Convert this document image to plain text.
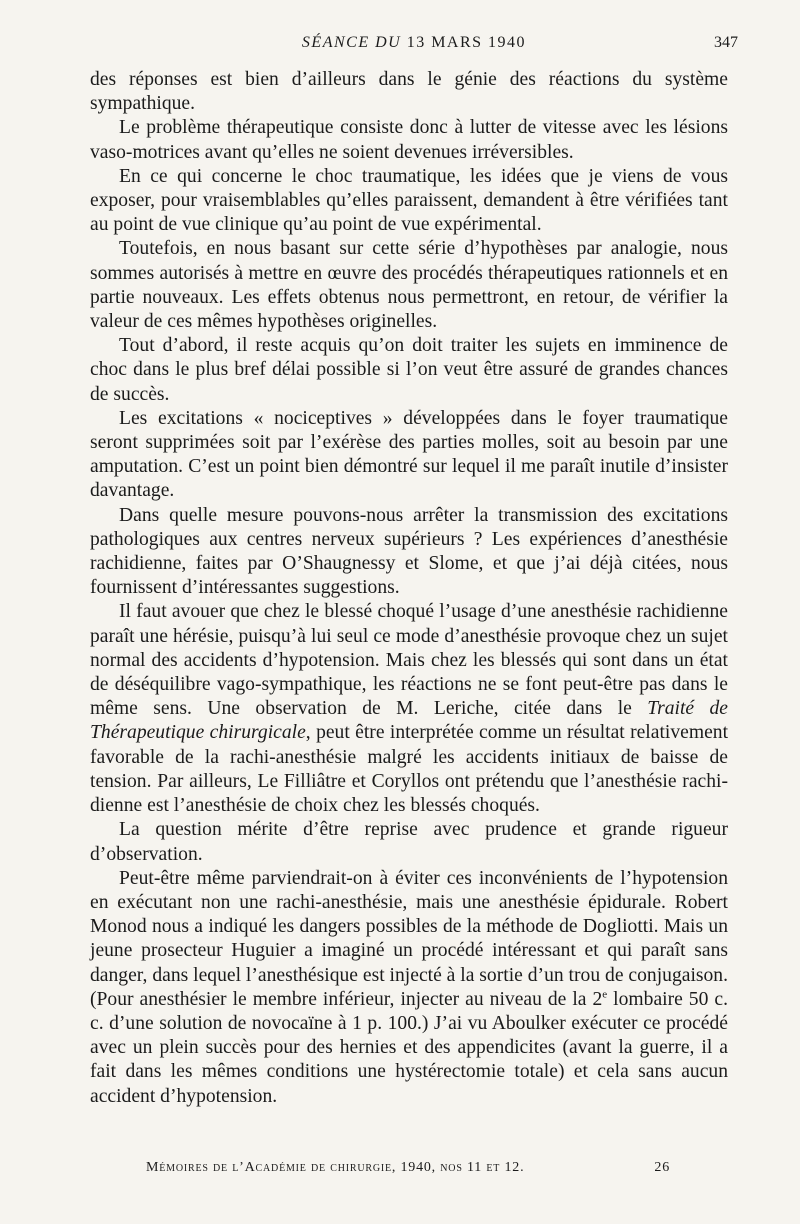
SÉANCE DU 13 MARS 1940	347

des réponses est bien d’ailleurs dans le génie des réactions du système sympathique.

Le problème thérapeutique consiste donc à lutter de vitesse avec les lésions vaso-motrices avant qu’elles ne soient devenues irréversibles.

En ce qui concerne le choc traumatique, les idées que je viens de vous exposer, pour vraisemblables qu’elles paraissent, demandent à être vérifiées tant au point de vue clinique qu’au point de vue expérimental.

Toutefois, en nous basant sur cette série d’hypothèses par analogie, nous sommes autorisés à mettre en œuvre des procédés thérapeutiques rationnels et en partie nouveaux. Les effets obtenus nous permettront, en retour, de vérifier la valeur de ces mêmes hypothèses originelles.

Tout d’abord, il reste acquis qu’on doit traiter les sujets en imminence de choc dans le plus bref délai possible si l’on veut être assuré de grandes chances de succès.

Les excitations « nociceptives » développées dans le foyer traumatique seront supprimées soit par l’exérèse des parties molles, soit au besoin par une amputation. C’est un point bien démontré sur lequel il me paraît inutile d’insister davantage.

Dans quelle mesure pouvons-nous arrêter la transmission des excitations pathologiques aux centres nerveux supérieurs ? Les expériences d’anesthésie rachidienne, faites par O’Shaugnessy et Slome, et que j’ai déjà citées, nous fournissent d’intéressantes suggestions.

Il faut avouer que chez le blessé choqué l’usage d’une anesthésie rachidienne paraît une hérésie, puisqu’à lui seul ce mode d’anesthésie provoque chez un sujet normal des accidents d’hypotension. Mais chez les blessés qui sont dans un état de déséquilibre vago-sympathique, les réactions ne se font peut-être pas dans le même sens. Une observation de M. Leriche, citée dans le Traité de Thérapeutique chirurgicale, peut être interprétée comme un résultat relativement favorable de la rachi-anesthésie malgré les accidents initiaux de baisse de tension. Par ailleurs, Le Filliâtre et Coryllos ont prétendu que l’anesthésie rachidienne est l’anesthésie de choix chez les blessés choqués.

La question mérite d’être reprise avec prudence et grande rigueur d’observation.

Peut-être même parviendrait-on à éviter ces inconvénients de l’hypotension en exécutant non une rachi-anesthésie, mais une anesthésie épidurale. Robert Monod nous a indiqué les dangers possibles de la méthode de Dogliotti. Mais un jeune prosecteur Huguier a imaginé un procédé intéressant et qui paraît sans danger, dans lequel l’anesthésique est injecté à la sortie d’un trou de conjugaison. (Pour anesthésier le membre inférieur, injecter au niveau de la 2e lombaire 50 c. c. d’une solution de novocaïne à 1 p. 100.) J’ai vu Aboulker exécuter ce procédé avec un plein succès pour des hernies et des appendicites (avant la guerre, il a fait dans les mêmes conditions une hystérectomie totale) et cela sans aucun accident d’hypotension.

Mémoires de l’Académie de chirurgie, 1940, nos 11 et 12.	26
